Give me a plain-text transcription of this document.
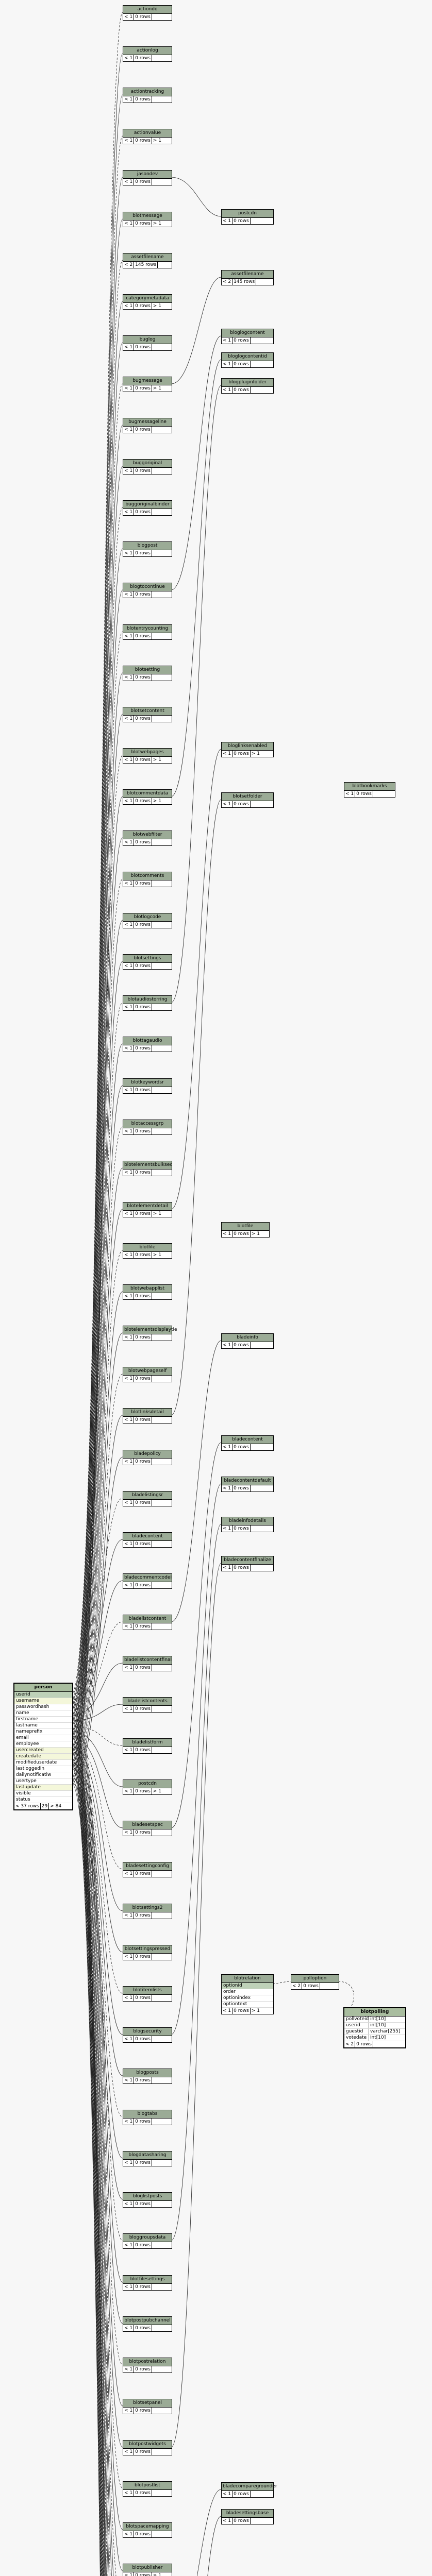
actiondo
< 1 0 rows
actionlog
< 1 0 rows
actiontracking
< 1 0 rows
actionvalue
< 1 0 rows > 1
jasondev
< 1 0 rows
blotmessage
< 1 0 rows > 1
assetfilename
< 2 145 rows
categorymetadata
< 1 0 rows > 1
buglog
< 1 0 rows
bugmessage
< 1 0 rows > 1
bugmessageline
< 1 0 rows
buggoriginal
< 1 0 rows
buggoriginalbinder
< 1 0 rows
blogpost
< 1 0 rows
blogtocontinue
< 1 0 rows
blotentrycounting
< 1 0 rows
blotsetting
< 1 0 rows
blotsetcontent
< 1 0 rows
blotwebpages
< 1 0 rows > 1
blotcommentdata
< 1 0 rows > 1
blotwebfilter
< 1 0 rows
blotcomments
< 1 0 rows
blotlogcode
< 1 0 rows
blotsettings
< 1 0 rows
blotaudiostorring
< 1 0 rows
blottagaudio
< 1 0 rows
blotkeywordsr
< 1 0 rows
blotaccessgrp
< 1 0 rows
blotelementsbulksec
< 1 0 rows
blotelementdetail
< 1 0 rows > 1
blotfile
< 1 0 rows > 1
blotwebapplist
< 1 0 rows
blotelementsdisplaytie
< 1 0 rows
blotwebpageself
< 1 0 rows
blotlinksdetail
< 1 0 rows
bladepolicy
< 1 0 rows
bladelistingsr
< 1 0 rows
bladecontent
< 1 0 rows
bladecommentcodei
< 1 0 rows
bladelistcontent
< 1 0 rows
bladelistcontentfinal
< 1 0 rows
bladelistcontents
< 1 0 rows
bladelistform
< 1 0 rows
postcdn
< 1 0 rows > 1
bladesetspec
< 1 0 rows
bladesettingconfig
< 1 0 rows
blotsettings2
< 1 0 rows
blotsettingspressed
< 1 0 rows
blotitemlists
< 1 0 rows
blogsecurity
< 1 0 rows
blogposts
< 1 0 rows
blogtabs
< 1 0 rows
blogdatasharing
< 1 0 rows
bloglistposts
< 1 0 rows
bloggroupsdata
< 1 0 rows
blotfilesettings
< 1 0 rows
blotpostpubchannel
< 1 0 rows
blotpostrelation
< 1 0 rows
blotsetpanel
< 1 0 rows
blotpostwidgets
< 1 0 rows
blotpostlist
< 1 0 rows
blotspacemapping
< 1 0 rows
blotpublisher
< 1 0 rows > 1
postcdn
< 1 0 rows
assetfilename
< 2 145 rows
bloglogcontent
< 1 0 rows
bloglogcontentid
< 1 0 rows
blogpluginfolder
< 1 0 rows
bloglinksenabled
< 1 0 rows > 1
blotsetfolder
< 1 0 rows
bladeinfo
< 1 0 rows
bladecontent
< 1 0 rows
bladecontentdefault
< 1 0 rows
bladeinfodetails
< 1 0 rows
bladecontentfinalize
< 1 0 rows
bladecomparegrounder
< 1 0 rows
bladesettingsbase
< 1 0 rows
person
userid
username
passwordhash
name
firstname
lastname
nameprefix
email
employee
usercreated
createdate
modifieduserdate
lastloggedin
dailynotificatiw
usertype
lastupdate
visible
status
< 37 rows 29 > 84
blotrelation
optionid
order
optionindex
optiontext
< 1 0 rows > 1
polloption
< 2 0 rows
blotpolling
pollvoteid int[10]
userid	int[10]
guestid	varchar[255]
votedate int[10]
< 2 0 rows
blotbookmarks
< 1 0 rows
blotfile
< 1 0 rows > 1
